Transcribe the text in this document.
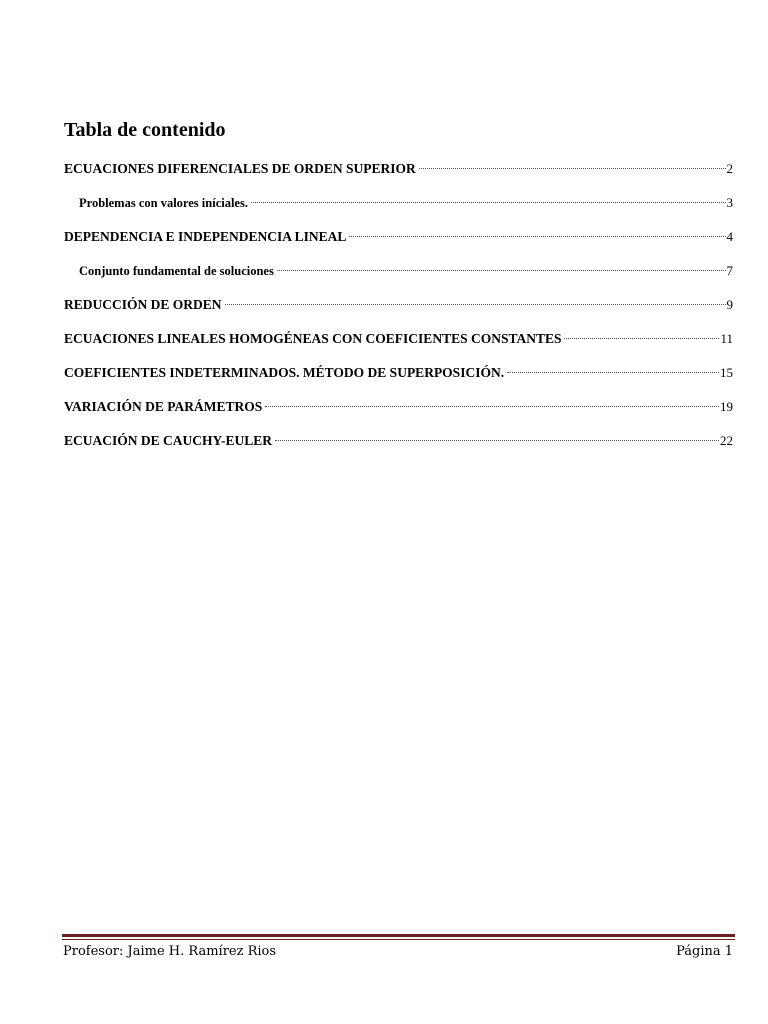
Tabla de contenido
ECUACIONES DIFERENCIALES DE ORDEN SUPERIOR	2
Problemas con valores iníciales.	3
DEPENDENCIA E INDEPENDENCIA LINEAL	4
Conjunto fundamental de soluciones	7
REDUCCIÓN DE ORDEN	9
ECUACIONES LINEALES HOMOGÉNEAS CON COEFICIENTES CONSTANTES	11
COEFICIENTES INDETERMINADOS. MÉTODO DE SUPERPOSICIÓN.	15
VARIACIÓN DE PARÁMETROS	19
ECUACIÓN DE CAUCHY-EULER	22
Profesor: Jaime H. Ramírez Rios	Página 1
